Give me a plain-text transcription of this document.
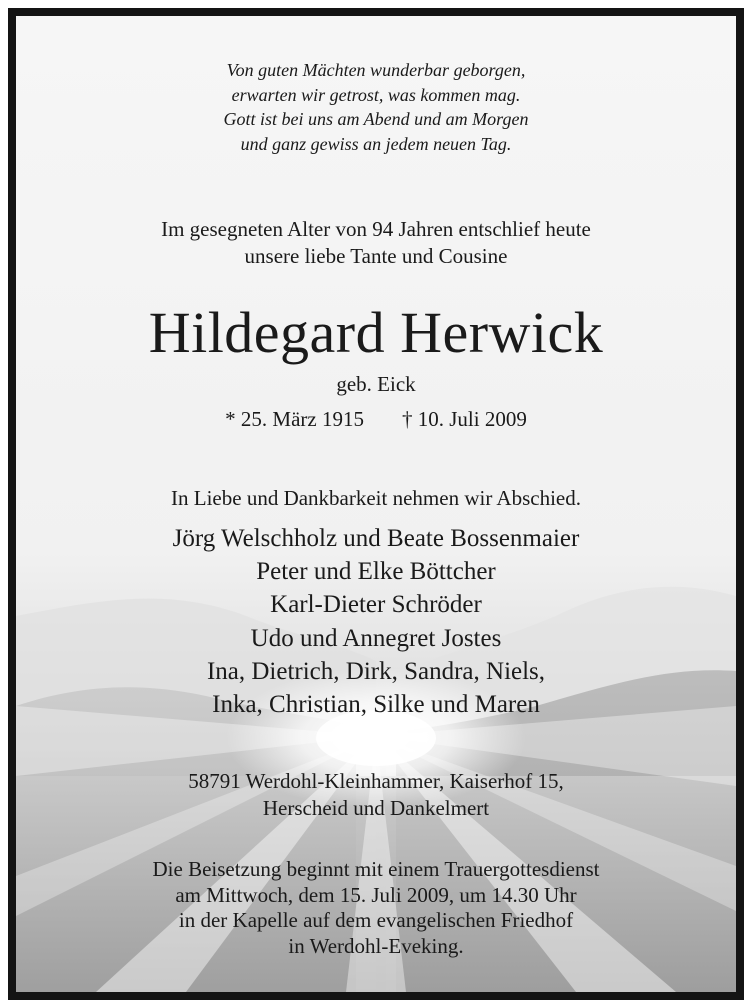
Von guten Mächten wunderbar geborgen,
erwarten wir getrost, was kommen mag.
Gott ist bei uns am Abend und am Morgen
und ganz gewiss an jedem neuen Tag.
Im gesegneten Alter von 94 Jahren entschlief heute
unsere liebe Tante und Cousine
Hildegard Herwick
geb. Eick
* 25. März 1915 † 10. Juli 2009
In Liebe und Dankbarkeit nehmen wir Abschied.
Jörg Welschholz und Beate Bossenmaier
Peter und Elke Böttcher
Karl-Dieter Schröder
Udo und Annegret Jostes
Ina, Dietrich, Dirk, Sandra, Niels,
Inka, Christian, Silke und Maren
58791 Werdohl-Kleinhammer, Kaiserhof 15,
Herscheid und Dankelmert
Die Beisetzung beginnt mit einem Trauergottesdienst
am Mittwoch, dem 15. Juli 2009, um 14.30 Uhr
in der Kapelle auf dem evangelischen Friedhof
in Werdohl-Eveking.
